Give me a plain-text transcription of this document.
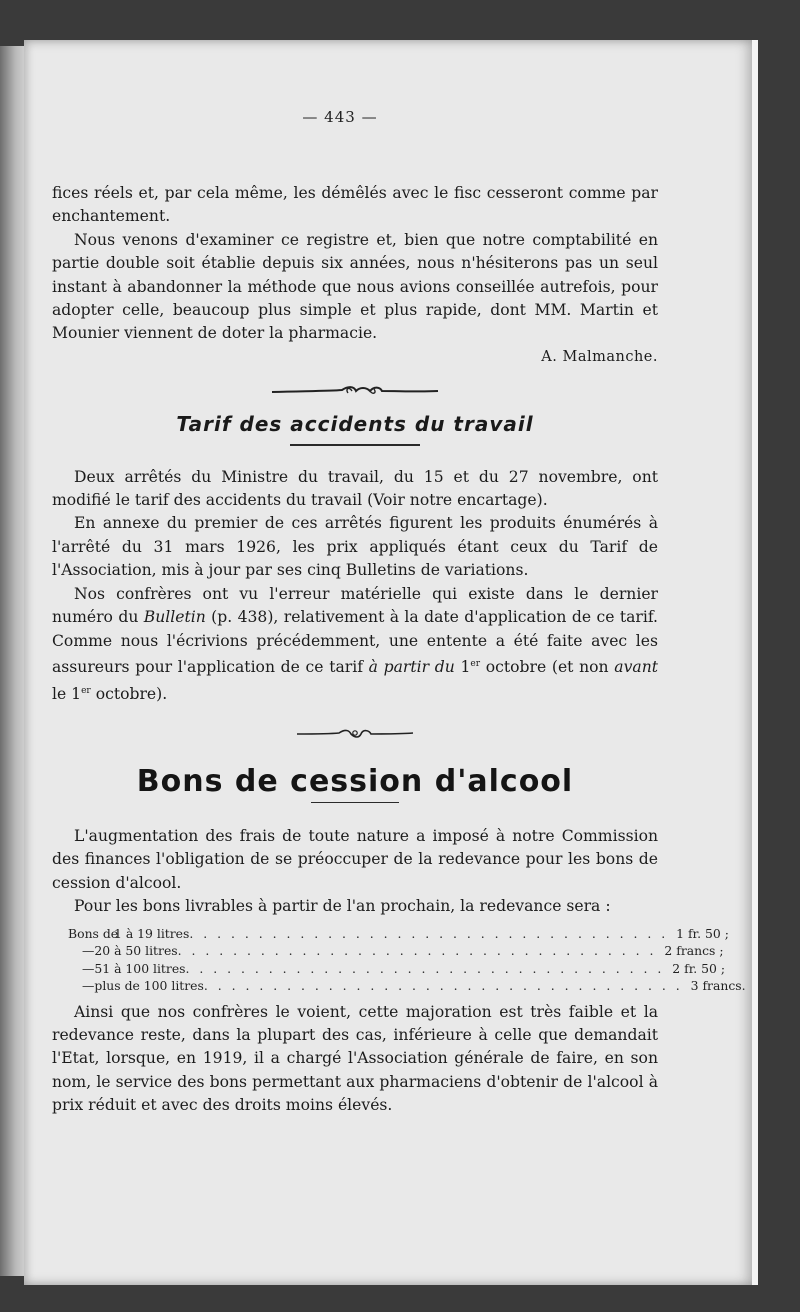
— 443 —

fices réels et, par cela même, les démêlés avec le fisc cesseront comme par enchantement.

Nous venons d'examiner ce registre et, bien que notre comptabilité en partie double soit établie depuis six années, nous n'hésiterons pas un seul instant à abandonner la méthode que nous avions conseillée autrefois, pour adopter celle, beaucoup plus simple et plus rapide, dont MM. Martin et Mounier viennent de doter la pharmacie.

A. Malmanche.

Tarif des accidents du travail

Deux arrêtés du Ministre du travail, du 15 et du 27 novembre, ont modifié le tarif des accidents du travail (Voir notre encartage).

En annexe du premier de ces arrêtés figurent les produits énumérés à l'arrêté du 31 mars 1926, les prix appliqués étant ceux du Tarif de l'Association, mis à jour par ses cinq Bulletins de variations.

Nos confrères ont vu l'erreur matérielle qui existe dans le dernier numéro du Bulletin (p. 438), relativement à la date d'application de ce tarif. Comme nous l'écrivions précédemment, une entente a été faite avec les assureurs pour l'application de ce tarif à partir du 1er octobre (et non avant le 1er octobre).

Bons de cession d'alcool

L'augmentation des frais de toute nature a imposé à notre Commission des finances l'obligation de se préoccuper de la redevance pour les bons de cession d'alcool.

Pour les bons livrables à partir de l'an prochain, la redevance sera :

Bons de
1 à 19 litres . . . . . . . . . . . . . . . . . . . . . . . . . . . . . . . . . . . 1 fr. 50 ;
— 20 à 50 litres . . . . . . . . . . . . . . . . . . . . . . . . . . . . . . . . . . . 2 francs ;
— 51 à 100 litres . . . . . . . . . . . . . . . . . . . . . . . . . . . . . . . . . . . 2 fr. 50 ;
— plus de 100 litres . . . . . . . . . . . . . . . . . . . . . . . . . . . . . . . . . . . 3 francs.

Ainsi que nos confrères le voient, cette majoration est très faible et la redevance reste, dans la plupart des cas, inférieure à celle que demandait l'Etat, lorsque, en 1919, il a chargé l'Association générale de faire, en son nom, le service des bons permettant aux pharmaciens d'obtenir de l'alcool à prix réduit et avec des droits moins élevés.
